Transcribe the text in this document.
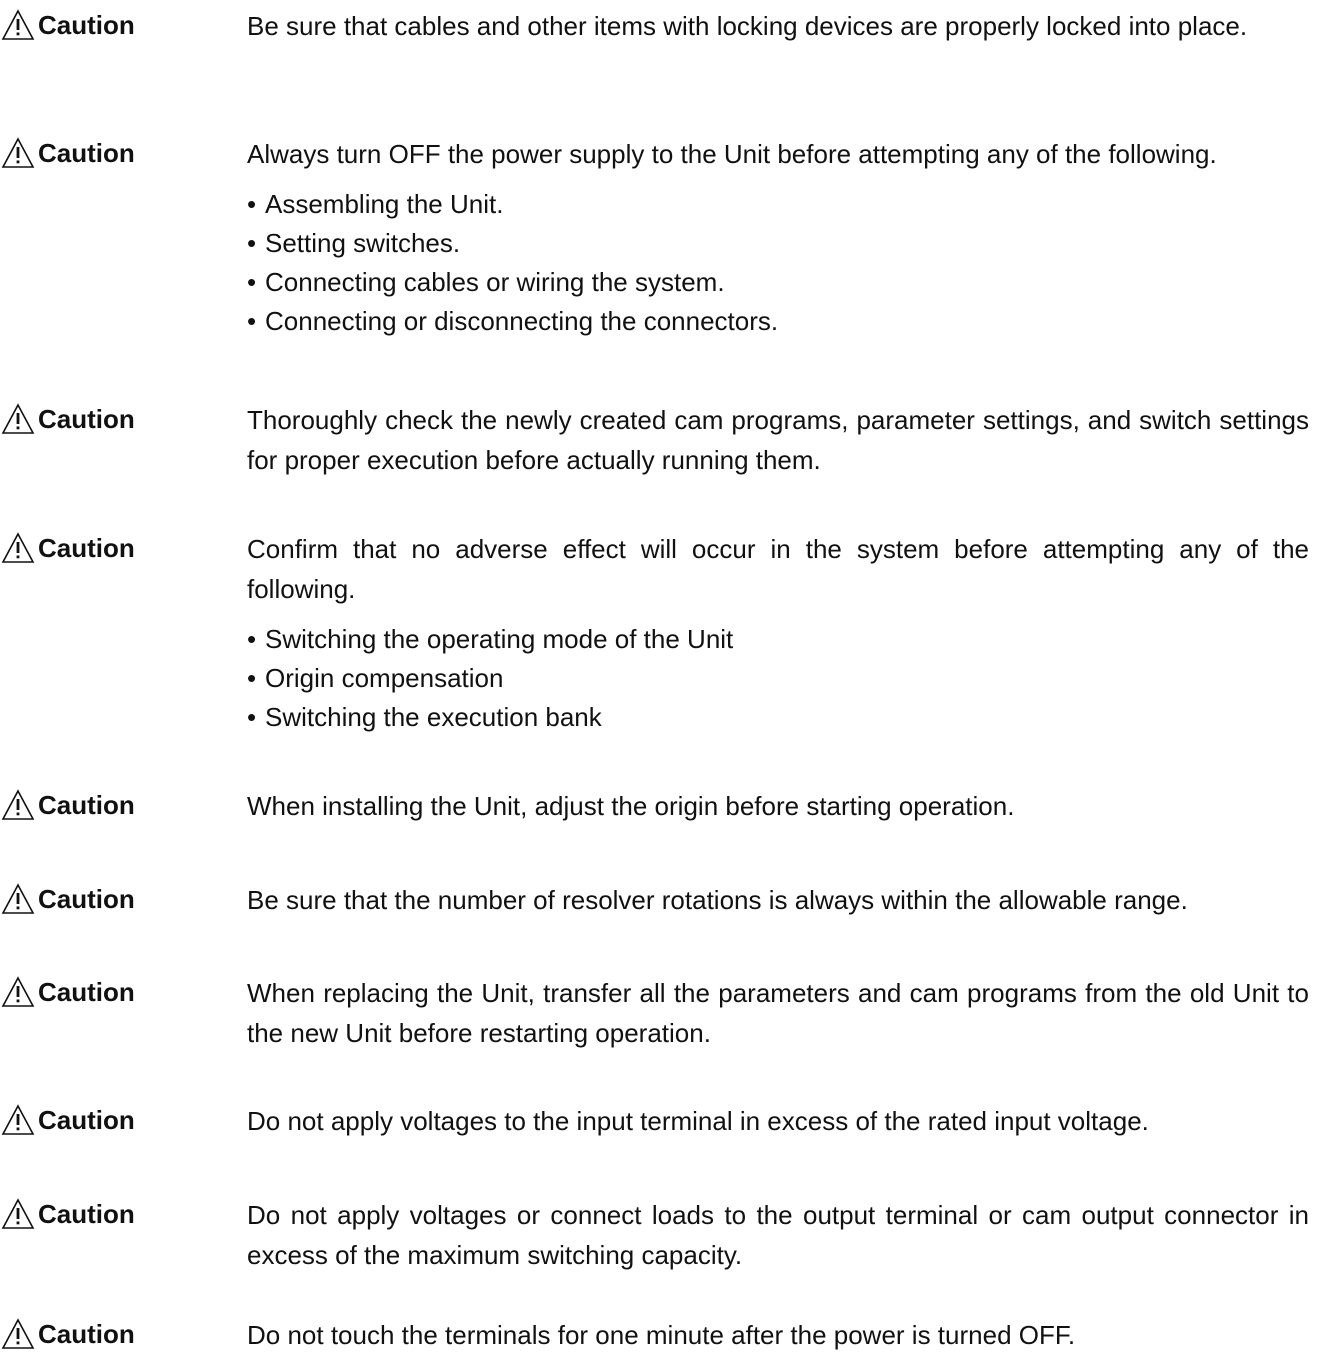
Caution	Be sure that cables and other items with locking devices are properly locked into place.

Caution	Always turn OFF the power supply to the Unit before attempting any of the following.

• Assembling the Unit.
• Setting switches.
• Connecting cables or wiring the system.
• Connecting or disconnecting the connectors.
Caution	Thoroughly check the newly created cam programs, parameter settings, and switch settings for proper execution before actually running them.

Caution	Confirm that no adverse effect will occur in the system before attempting any of the following.

• Switching the operating mode of the Unit
• Origin compensation
• Switching the execution bank
Caution	When installing the Unit, adjust the origin before starting operation.

Caution	Be sure that the number of resolver rotations is always within the allowable range.

Caution	When replacing the Unit, transfer all the parameters and cam programs from the old Unit to the new Unit before restarting operation.

Caution	Do not apply voltages to the input terminal in excess of the rated input voltage.

Caution	Do not apply voltages or connect loads to the output terminal or cam output connector in excess of the maximum switching capacity.

Caution	Do not touch the terminals for one minute after the power is turned OFF.
